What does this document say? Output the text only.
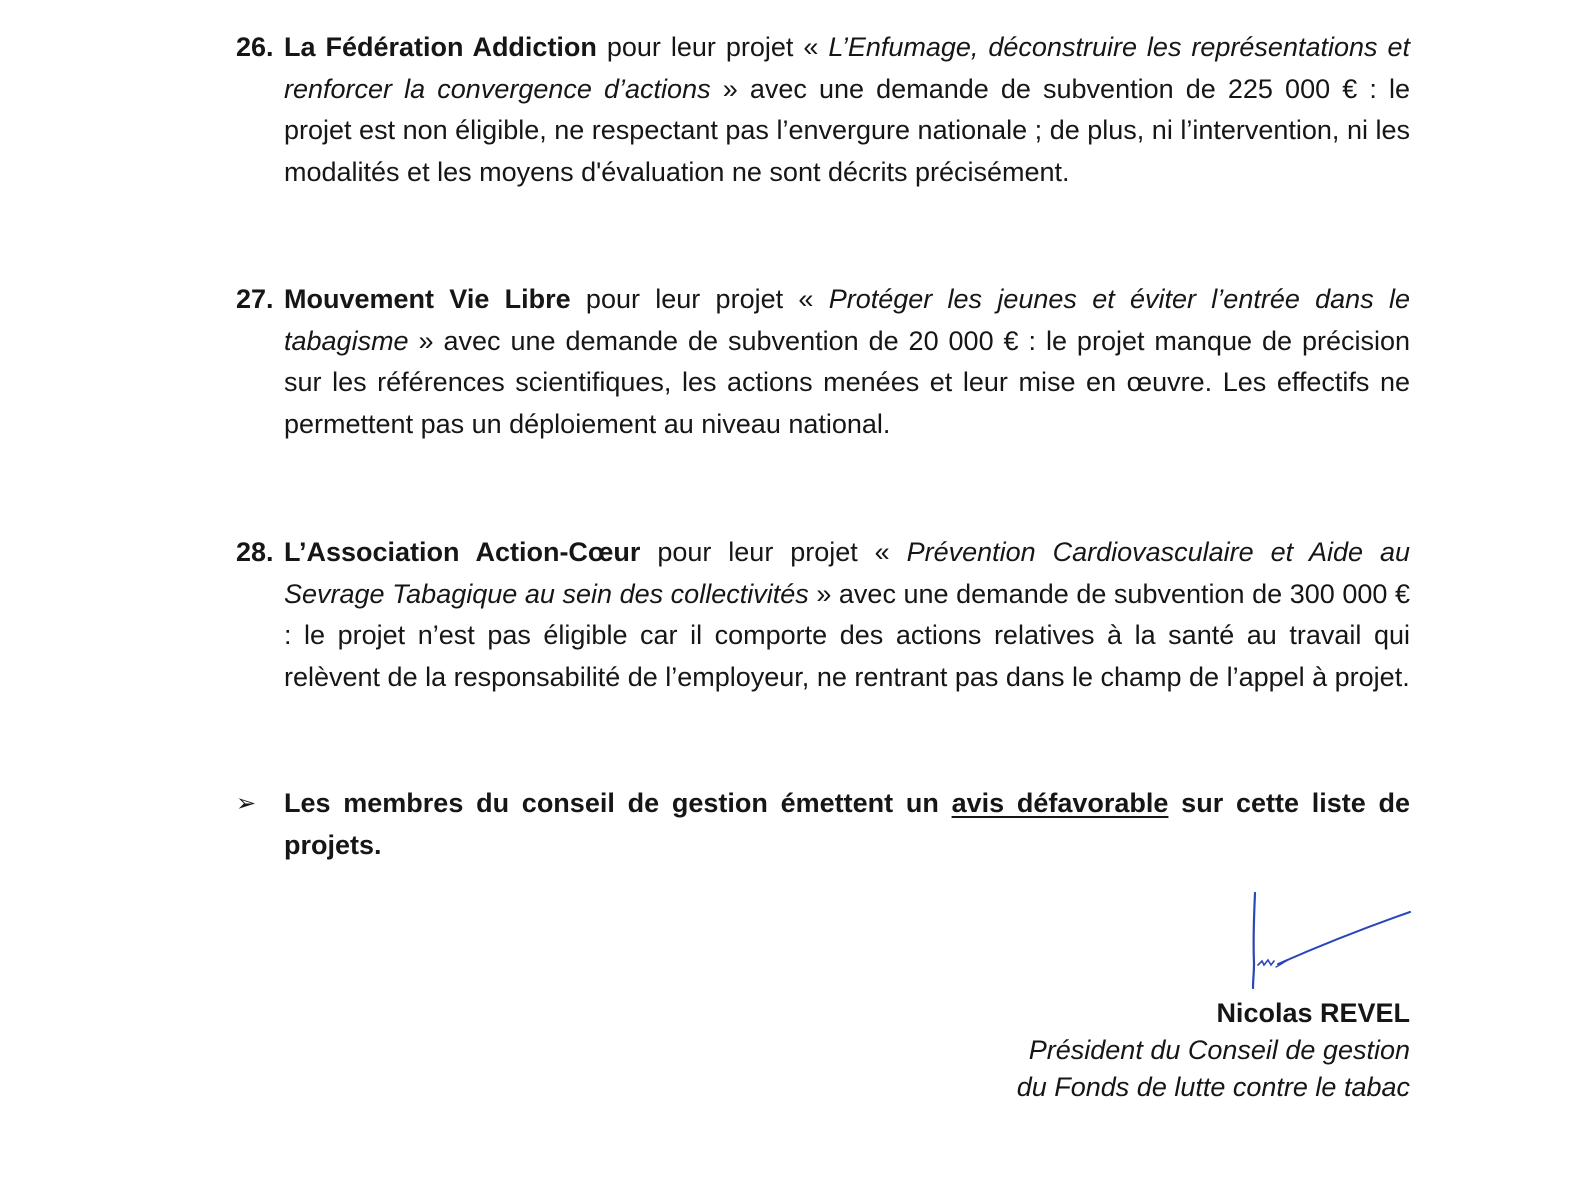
26. La Fédération Addiction pour leur projet « L’Enfumage, déconstruire les représentations et renforcer la convergence d’actions » avec une demande de subvention de 225 000 € : le projet est non éligible, ne respectant pas l’envergure nationale ; de plus, ni l’intervention, ni les modalités et les moyens d'évaluation ne sont décrits précisément.
27. Mouvement Vie Libre pour leur projet « Protéger les jeunes et éviter l’entrée dans le tabagisme » avec une demande de subvention de 20 000 € : le projet manque de précision sur les références scientifiques, les actions menées et leur mise en œuvre. Les effectifs ne permettent pas un déploiement au niveau national.
28. L’Association Action-Cœur pour leur projet « Prévention Cardiovasculaire et Aide au Sevrage Tabagique au sein des collectivités » avec une demande de subvention de 300 000 € : le projet n’est pas éligible car il comporte des actions relatives à la santé au travail qui relèvent de la responsabilité de l’employeur, ne rentrant pas dans le champ de l’appel à projet.
➢ Les membres du conseil de gestion émettent un avis défavorable sur cette liste de projets.
Nicolas REVEL
Président du Conseil de gestion
du Fonds de lutte contre le tabac
